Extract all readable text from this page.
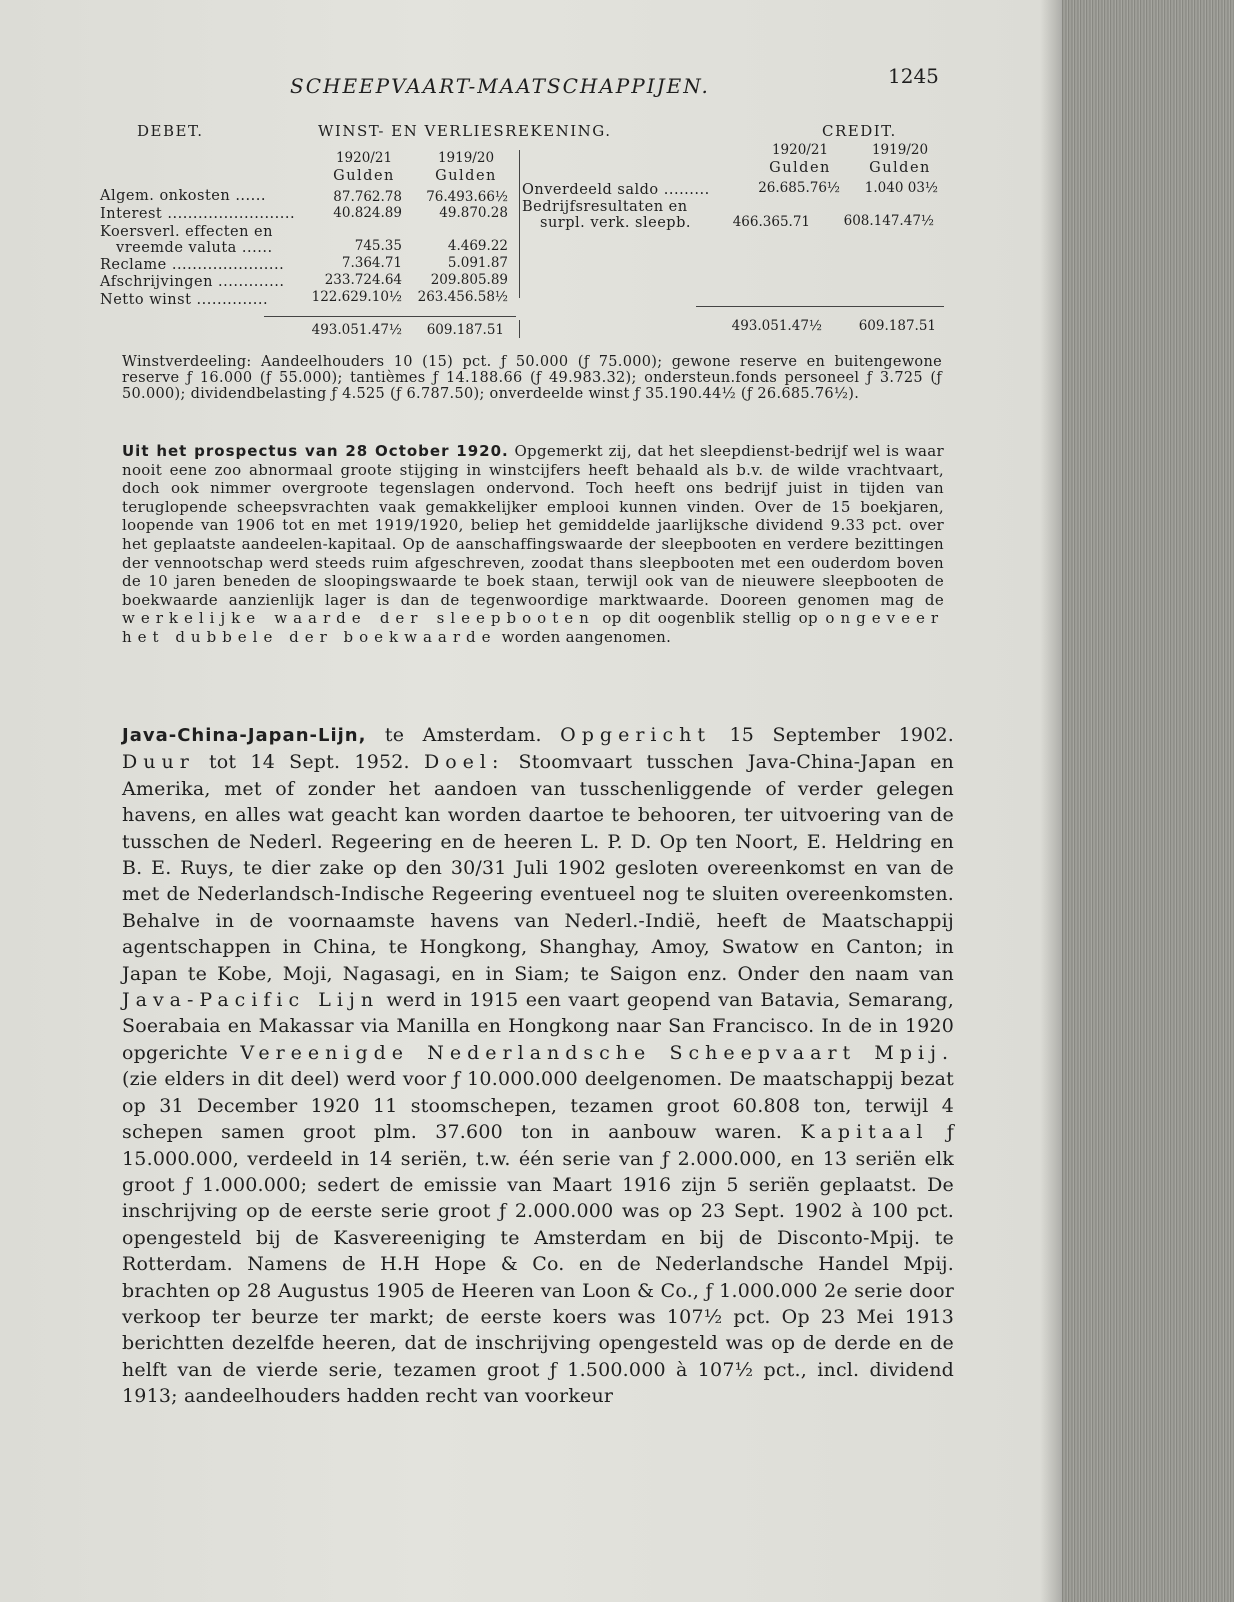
SCHEEPVAART-MAATSCHAPPIJEN.	1245
DEBET.	WINST- EN VERLIESREKENING.	CREDIT.
1920/21	1919/20
Gulden	Gulden
1920/21	1919/20
Gulden	Gulden
Algem. onkosten ......	87.762.78	76.493.66½
Interest .........................	40.824.89	49.870.28
Koersverl. effecten en
vreemde valuta ......	745.35	4.469.22
Reclame ......................	7.364.71	5.091.87
Afschrijvingen .............	233.724.64	209.805.89
Netto winst ..............	122.629.10½	263.456.58½
493.051.47½	609.187.51
Onverdeeld saldo .........	26.685.76½	1.040 03½
Bedrijfsresultaten en
surpl. verk. sleepb.	466.365.71	608.147.47½
493.051.47½	609.187.51
Winstverdeeling: Aandeelhouders 10 (15) pct. ƒ 50.000 (ƒ 75.000); gewone reserve en buitengewone reserve ƒ 16.000 (ƒ 55.000); tantièmes ƒ 14.188.66 (ƒ 49.983.32); ondersteun.fonds personeel ƒ 3.725 (ƒ 50.000); dividendbelasting ƒ 4.525 (ƒ 6.787.50); onverdeelde winst ƒ 35.190.44½ (ƒ 26.685.76½).
Uit het prospectus van 28 October 1920. Opgemerkt zij, dat het sleepdienst-bedrijf wel is waar nooit eene zoo abnormaal groote stijging in winstcijfers heeft behaald als b.v. de wilde vrachtvaart, doch ook nimmer overgroote tegenslagen ondervond. Toch heeft ons bedrijf juist in tijden van teruglopende scheepsvrachten vaak gemakkelijker emplooi kunnen vinden. Over de 15 boekjaren, loopende van 1906 tot en met 1919/1920, beliep het gemiddelde jaarlijksche dividend 9.33 pct. over het geplaatste aandeelen-kapitaal. Op de aanschaffingswaarde der sleepbooten en verdere bezittingen der vennootschap werd steeds ruim afgeschreven, zoodat thans sleepbooten met een ouderdom boven de 10 jaren beneden de sloopingswaarde te boek staan, terwijl ook van de nieuwere sleepbooten de boekwaarde aanzienlijk lager is dan de tegenwoordige marktwaarde. Dooreen genomen mag de werkelijke waarde der sleepbooten op dit oogenblik stellig op ongeveer het dubbele der boekwaarde worden aangenomen.
Java-China-Japan-Lijn, te Amsterdam. Opgericht 15 September 1902. Duur tot 14 Sept. 1952. Doel: Stoomvaart tusschen Java-China-Japan en Amerika, met of zonder het aandoen van tusschenliggende of verder gelegen havens, en alles wat geacht kan worden daartoe te behooren, ter uitvoering van de tusschen de Nederl. Regeering en de heeren L. P. D. Op ten Noort, E. Heldring en B. E. Ruys, te dier zake op den 30/31 Juli 1902 gesloten overeenkomst en van de met de Nederlandsch-Indische Regeering eventueel nog te sluiten overeenkomsten. Behalve in de voornaamste havens van Nederl.-Indië, heeft de Maatschappij agentschappen in China, te Hongkong, Shanghay, Amoy, Swatow en Canton; in Japan te Kobe, Moji, Nagasagi, en in Siam; te Saigon enz. Onder den naam van Java-Pacific Lijn werd in 1915 een vaart geopend van Batavia, Semarang, Soerabaia en Makassar via Manilla en Hongkong naar San Francisco. In de in 1920 opgerichte Vereenigde Nederlandsche Scheepvaart Mpij. (zie elders in dit deel) werd voor ƒ 10.000.000 deelgenomen. De maatschappij bezat op 31 December 1920 11 stoomschepen, tezamen groot 60.808 ton, terwijl 4 schepen samen groot plm. 37.600 ton in aanbouw waren. Kapitaal ƒ 15.000.000, verdeeld in 14 seriën, t.w. één serie van ƒ 2.000.000, en 13 seriën elk groot ƒ 1.000.000; sedert de emissie van Maart 1916 zijn 5 seriën geplaatst. De inschrijving op de eerste serie groot ƒ 2.000.000 was op 23 Sept. 1902 à 100 pct. opengesteld bij de Kasvereeniging te Amsterdam en bij de Disconto-Mpij. te Rotterdam. Namens de H.H Hope & Co. en de Nederlandsche Handel Mpij. brachten op 28 Augustus 1905 de Heeren van Loon & Co., ƒ 1.000.000 2e serie door verkoop ter beurze ter markt; de eerste koers was 107½ pct. Op 23 Mei 1913 berichtten dezelfde heeren, dat de inschrijving opengesteld was op de derde en de helft van de vierde serie, tezamen groot ƒ 1.500.000 à 107½ pct., incl. dividend 1913; aandeelhouders hadden recht van voorkeur
